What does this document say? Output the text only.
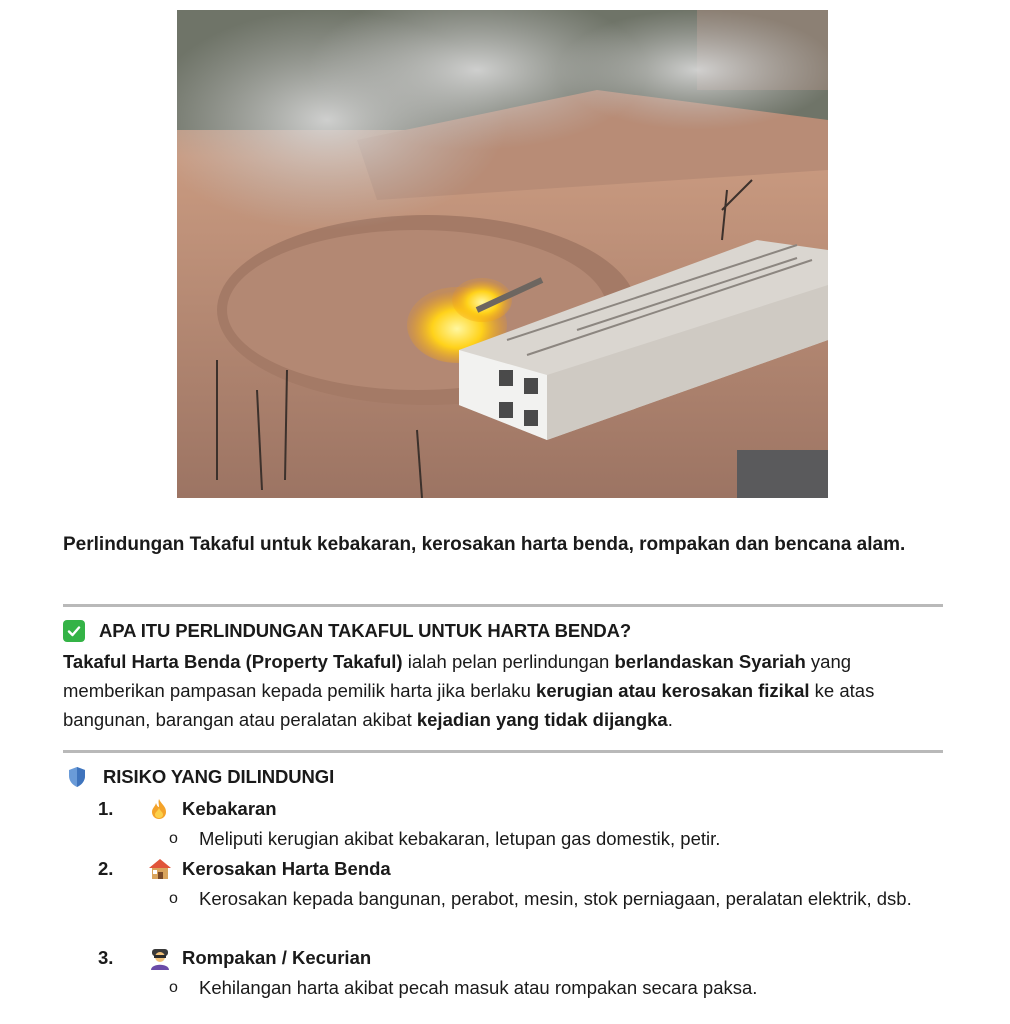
Perlindungan Takaful untuk kebakaran, kerosakan harta benda, rompakan dan bencana alam.
APA ITU PERLINDUNGAN TAKAFUL UNTUK HARTA BENDA?
Takaful Harta Benda (Property Takaful) ialah pelan perlindungan berlandaskan Syariah yang memberikan pampasan kepada pemilik harta jika berlaku kerugian atau kerosakan fizikal ke atas bangunan, barangan atau peralatan akibat kejadian yang tidak dijangka.
RISIKO YANG DILINDUNGI
1.	Kebakaran
o	Meliputi kerugian akibat kebakaran, letupan gas domestik, petir.
2.	Kerosakan Harta Benda
o	Kerosakan kepada bangunan, perabot, mesin, stok perniagaan, peralatan elektrik, dsb.
3.	Rompakan / Kecurian
o	Kehilangan harta akibat pecah masuk atau rompakan secara paksa.
